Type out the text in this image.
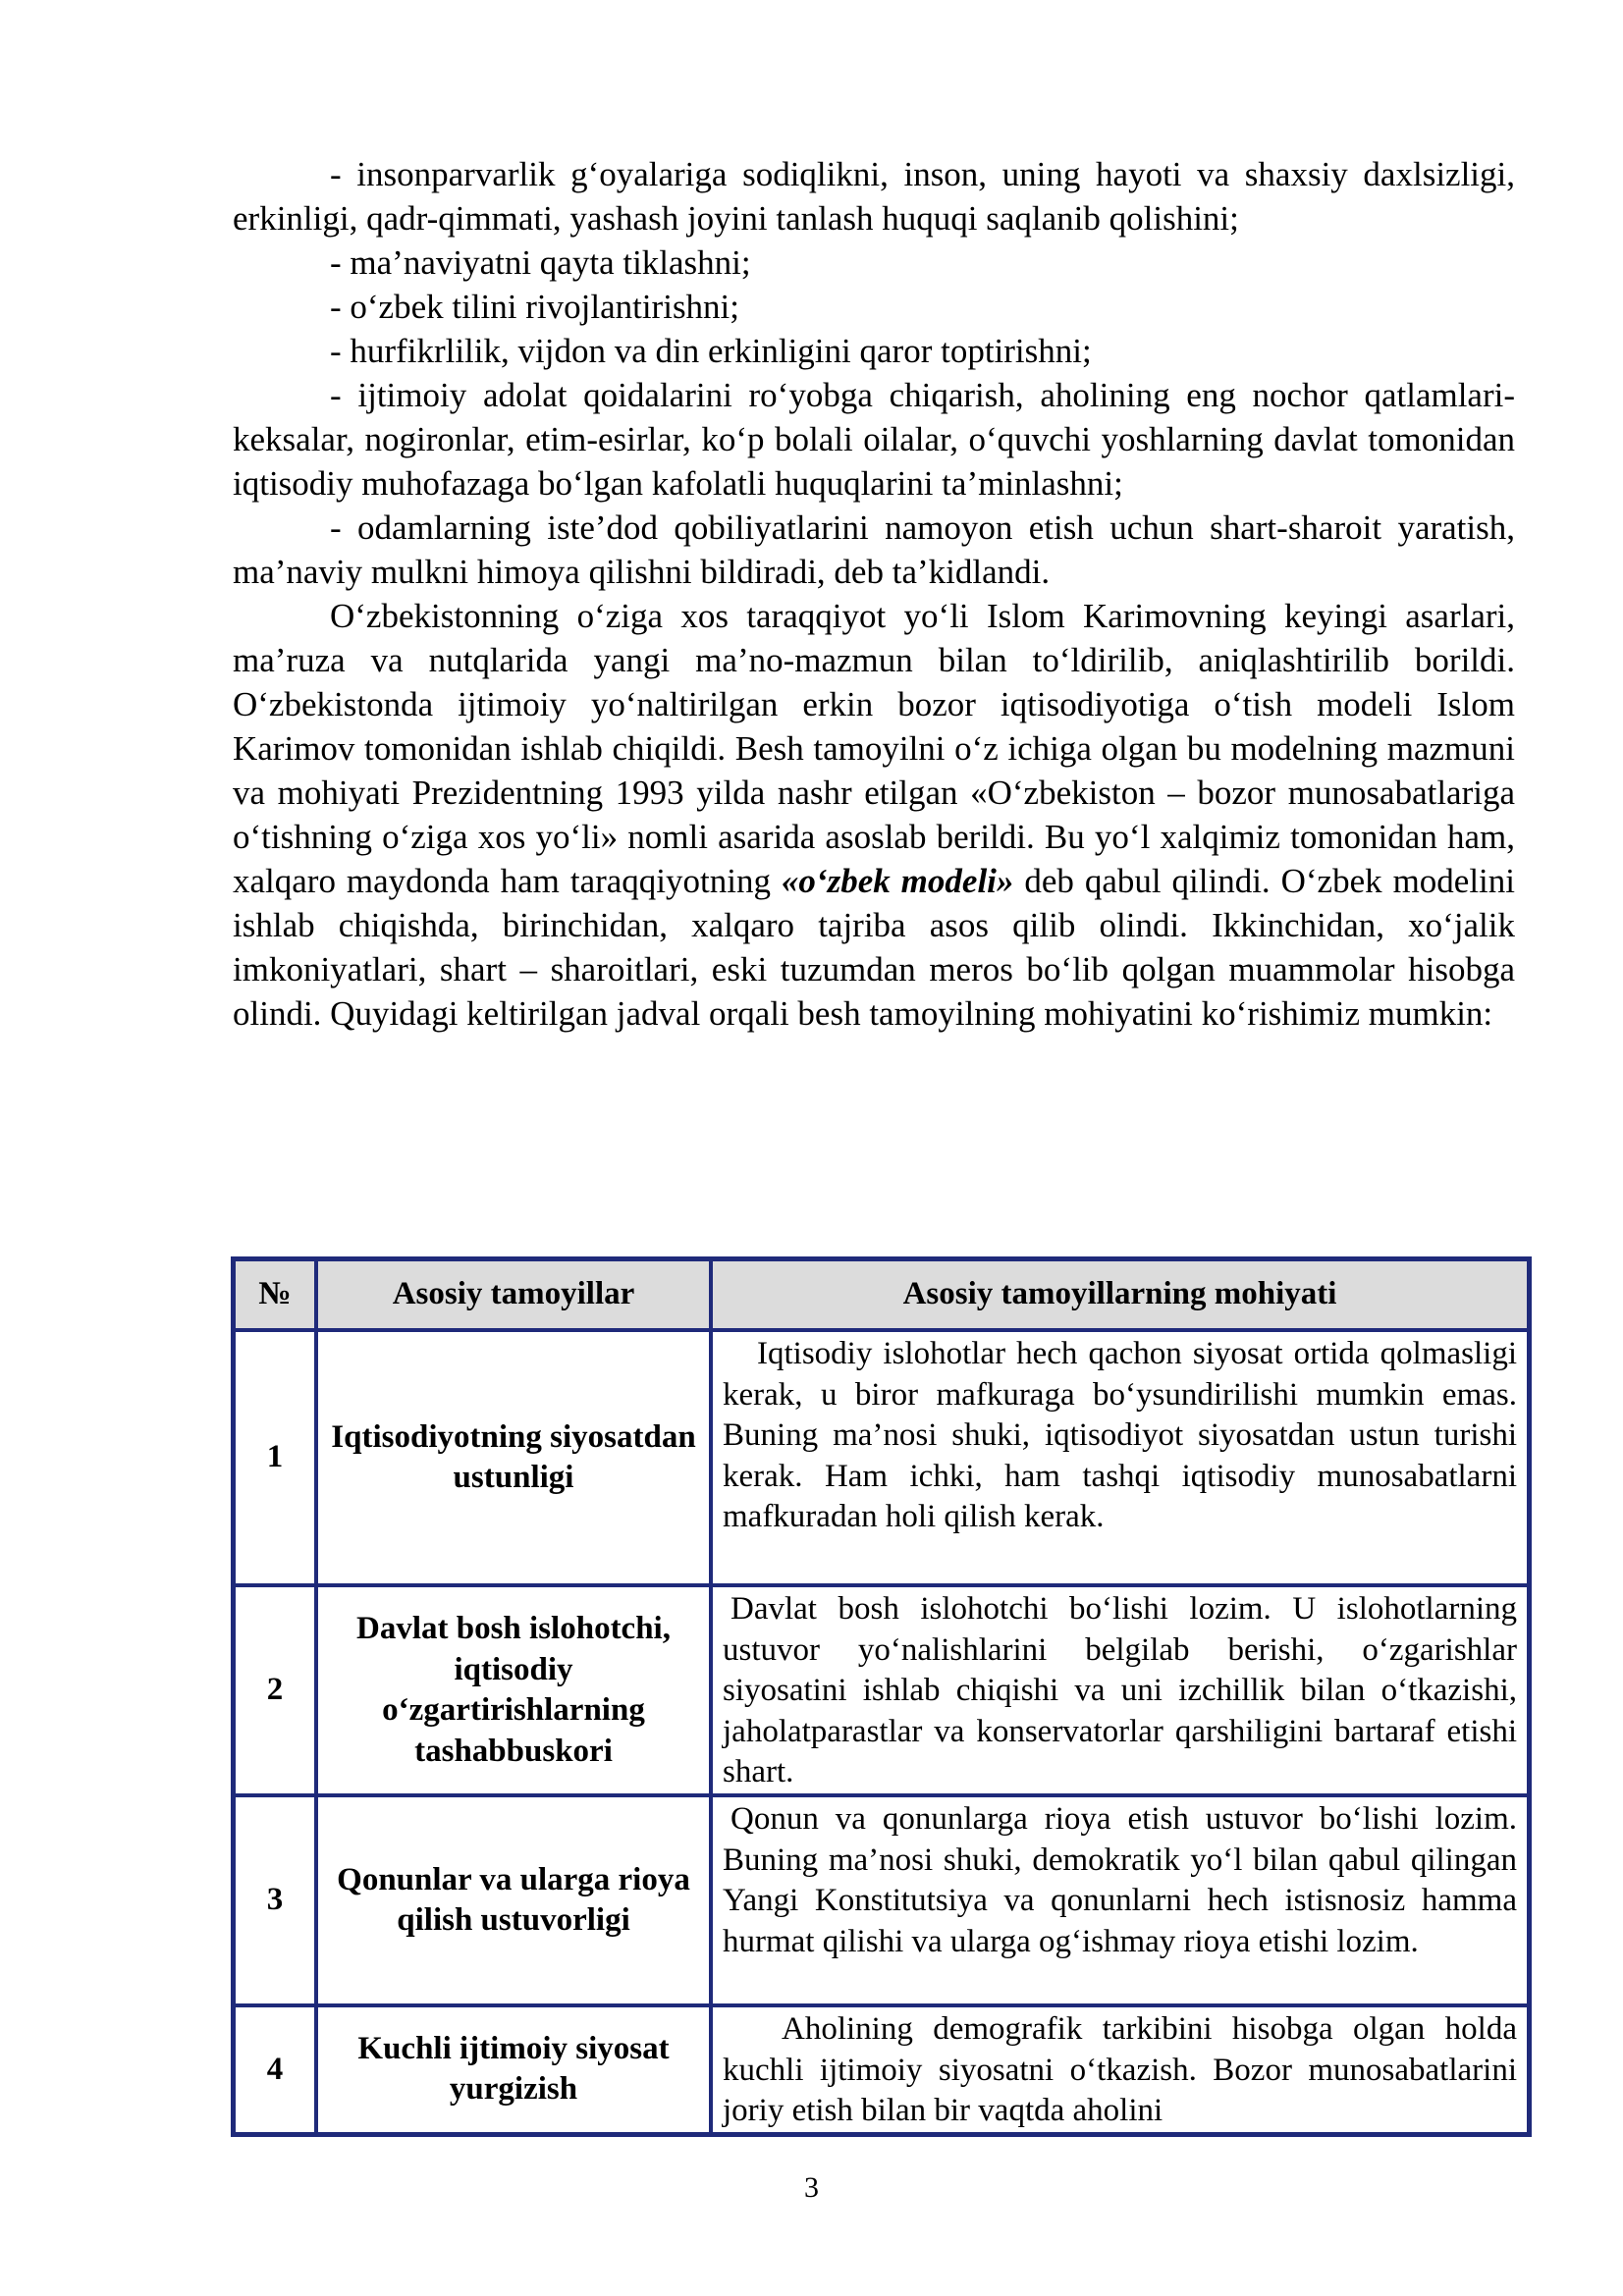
- insonparvarlik g‘oyalariga sodiqlikni, inson, uning hayoti va shaxsiy daxlsizligi, erkinligi, qadr-qimmati, yashash joyini tanlash huquqi saqlanib qolishini;

- ma’naviyatni qayta tiklashni;

- o‘zbek tilini rivojlantirishni;

- hurfikrlilik, vijdon va din erkinligini qaror toptirishni;

- ijtimoiy adolat qoidalarini ro‘yobga chiqarish, aholining eng nochor qatlamlari-keksalar, nogironlar, etim-esirlar, ko‘p bolali oilalar, o‘quvchi yoshlarning davlat tomonidan iqtisodiy muhofazaga bo‘lgan kafolatli huquqlarini ta’minlashni;

- odamlarning iste’dod qobiliyatlarini namoyon etish uchun shart-sharoit yaratish, ma’naviy mulkni himoya qilishni bildiradi, deb ta’kidlandi.

O‘zbekistonning o‘ziga xos taraqqiyot yo‘li Islom Karimovning keyingi asarlari, ma’ruza va nutqlarida yangi ma’no-mazmun bilan to‘ldirilib, aniqlashtirilib borildi. O‘zbekistonda ijtimoiy yo‘naltirilgan erkin bozor iqtisodiyotiga o‘tish modeli Islom Karimov tomonidan ishlab chiqildi. Besh tamoyilni o‘z ichiga olgan bu modelning mazmuni va mohiyati Prezidentning 1993 yilda nashr etilgan «O‘zbekiston – bozor munosabatlariga o‘tishning o‘ziga xos yo‘li» nomli asarida asoslab berildi. Bu yo‘l xalqimiz tomonidan ham, xalqaro maydonda ham taraqqiyotning «o‘zbek modeli» deb qabul qilindi. O‘zbek modelini ishlab chiqishda, birinchidan, xalqaro tajriba asos qilib olindi. Ikkinchidan, xo‘jalik imkoniyatlari, shart – sharoitlari, eski tuzumdan meros bo‘lib qolgan muammolar hisobga olindi. Quyidagi keltirilgan jadval orqali besh tamoyilning mohiyatini ko‘rishimiz mumkin:

№	Asosiy tamoyillar	Asosiy tamoyillarning mohiyati
1	Iqtisodiyotning siyosatdan ustunligi	Iqtisodiy islohotlar hech qachon siyosat ortida qolmasligi kerak, u biror mafkuraga bo‘ysundirilishi mumkin emas. Buning ma’nosi shuki, iqtisodiyot siyosatdan ustun turishi kerak. Ham ichki, ham tashqi iqtisodiy munosabatlarni mafkuradan holi qilish kerak.

2	Davlat bosh islohotchi, iqtisodiy o‘zgartirishlarning tashabbuskori	Davlat bosh islohotchi bo‘lishi lozim. U islohotlarning ustuvor yo‘nalishlarini belgilab berishi, o‘zgarishlar siyosatini ishlab chiqishi va uni izchillik bilan o‘tkazishi, jaholatparastlar va konservatorlar qarshiligini bartaraf etishi shart.

3	Qonunlar va ularga rioya qilish ustuvorligi	Qonun va qonunlarga rioya etish ustuvor bo‘lishi lozim. Buning ma’nosi shuki, demokratik yo‘l bilan qabul qilingan Yangi Konstitutsiya va qonunlarni hech istisnosiz hamma hurmat qilishi va ularga og‘ishmay rioya etishi lozim.

4	Kuchli ijtimoiy siyosat yurgizish	Aholining demografik tarkibini hisobga olgan holda kuchli ijtimoiy siyosatni o‘tkazish. Bozor munosabatlarini joriy etish bilan bir vaqtda aholini
3
